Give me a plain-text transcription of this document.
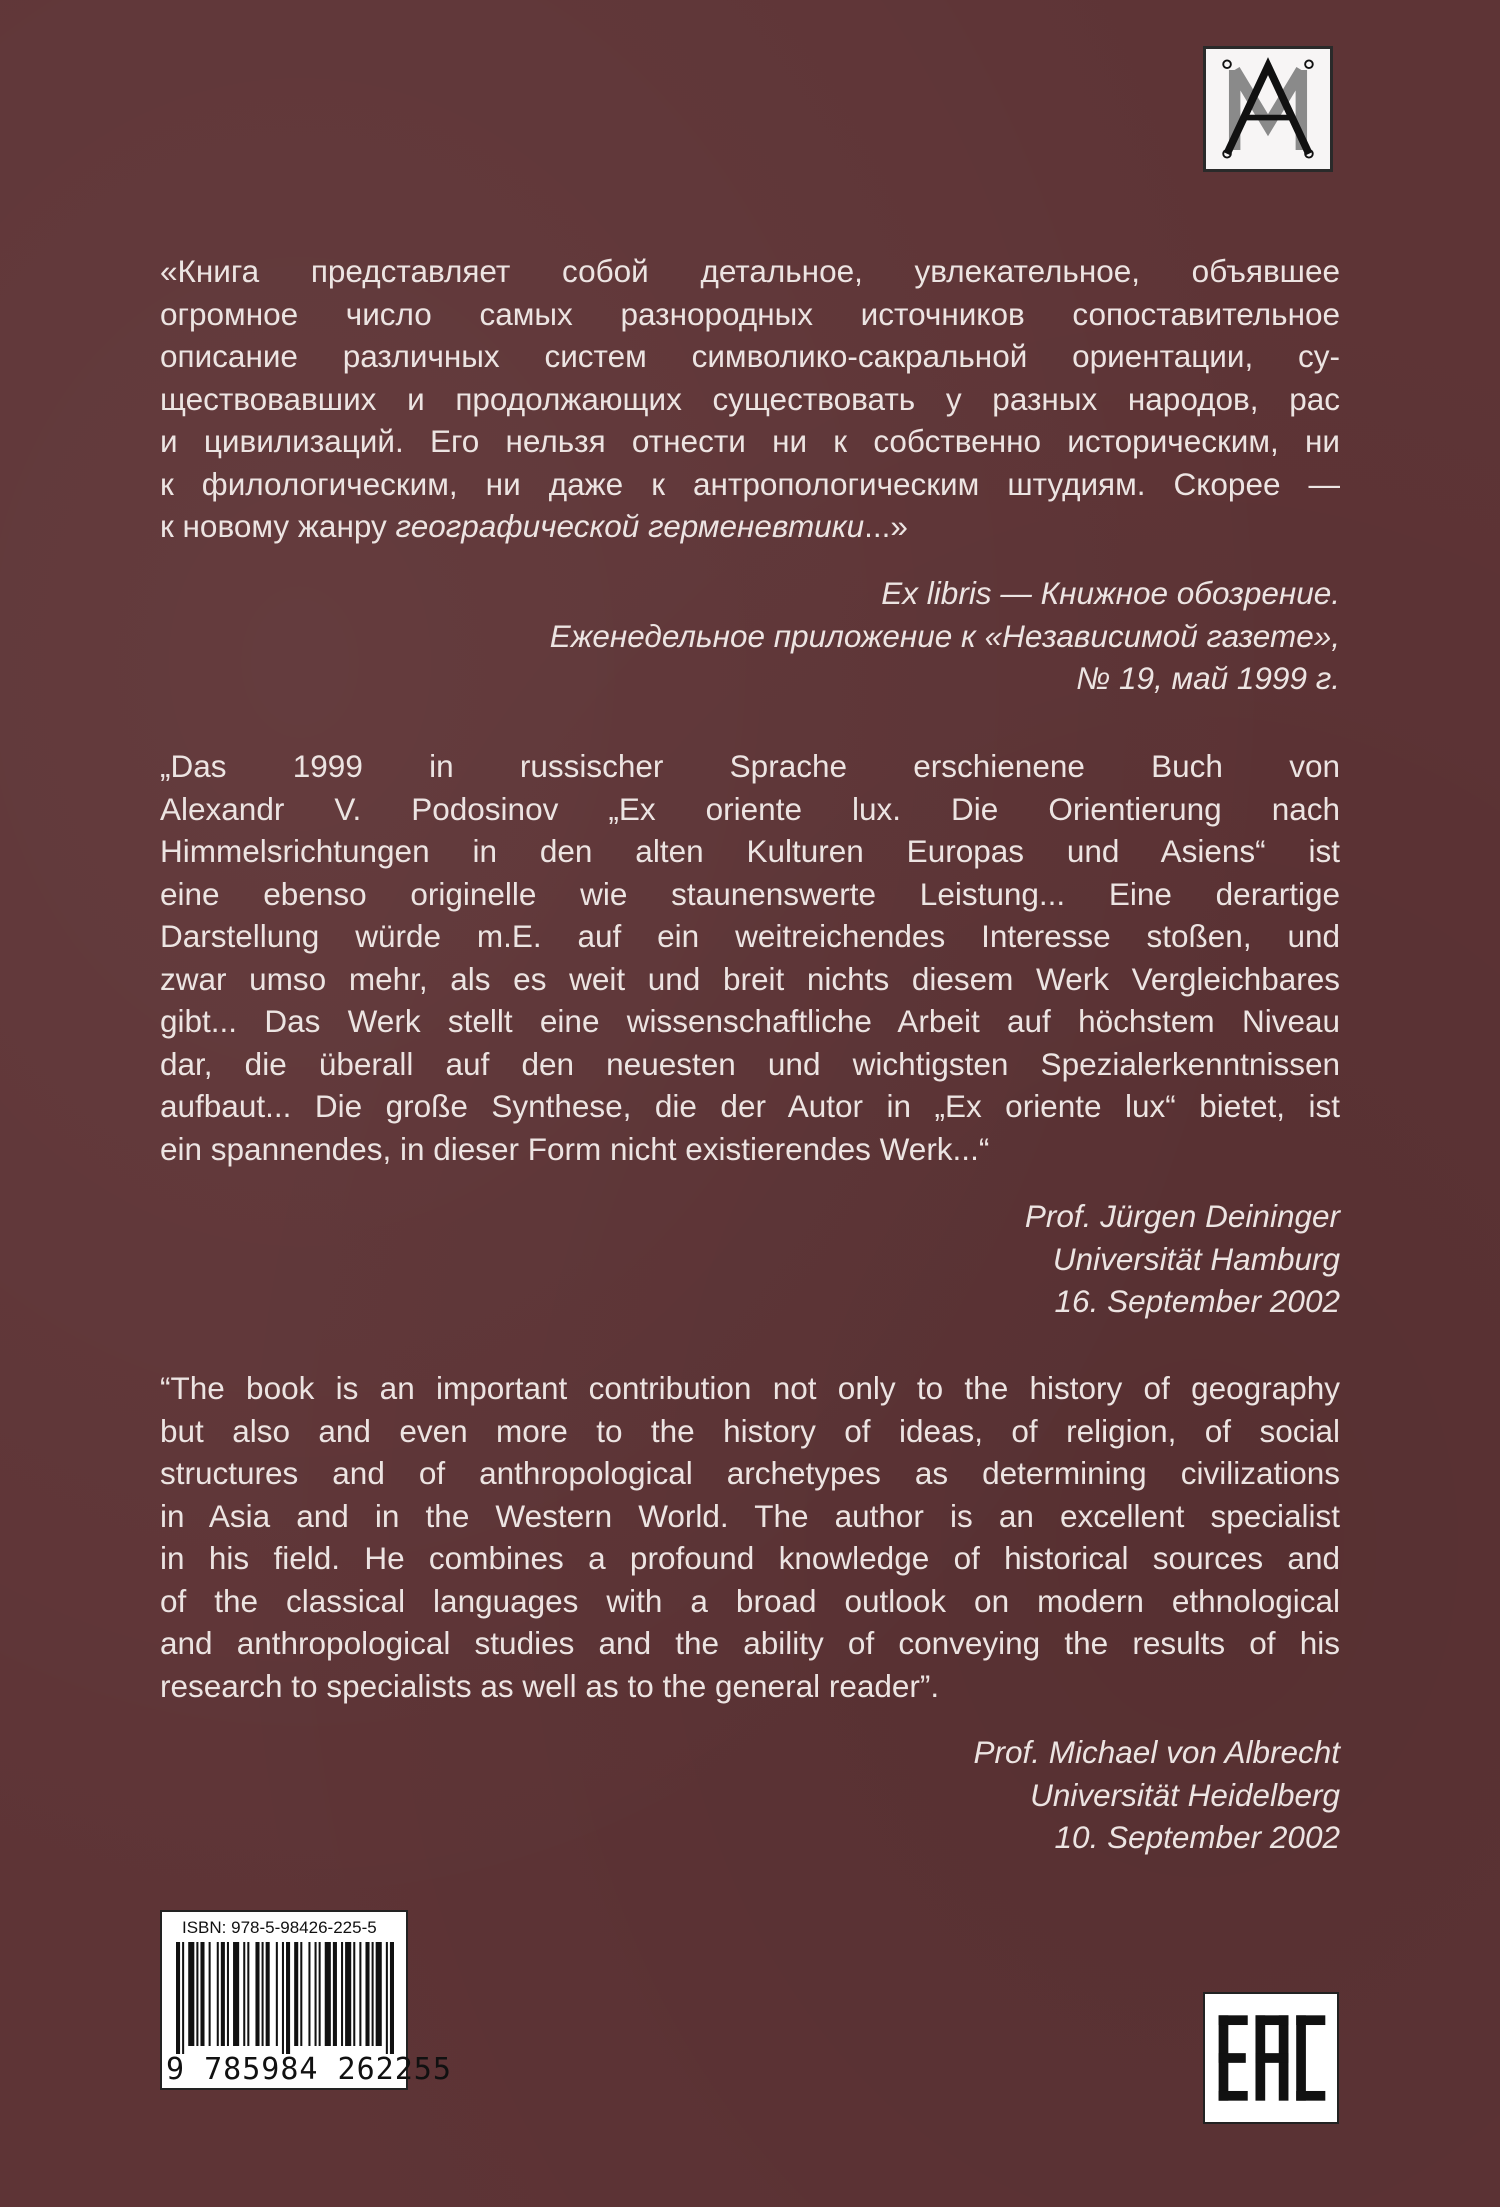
«Книга представляет собой детальное, увлекательное, объявшее
огромное число самых разнородных источников сопоставительное
описание различных систем символико-сакральной ориентации, су-
ществовавших и продолжающих существовать у разных народов, рас
и цивилизаций. Его нельзя отнести ни к собственно историческим, ни
к филологическим, ни даже к антропологическим штудиям. Скорее —
к новому жанру географической герменевтики...»
Ex libris — Книжное обозрение.
Еженедельное приложение к «Независимой газете»,
№ 19, май 1999 г.
„Das 1999 in russischer Sprache erschienene Buch von
Alexandr V. Podosinov „Ex oriente lux. Die Orientierung nach
Himmelsrichtungen in den alten Kulturen Europas und Asiens“ ist
eine ebenso originelle wie staunenswerte Leistung... Eine derartige
Darstellung würde m.E. auf ein weitreichendes Interesse stoßen, und
zwar umso mehr, als es weit und breit nichts diesem Werk Vergleichbares
gibt... Das Werk stellt eine wissenschaftliche Arbeit auf höchstem Niveau
dar, die überall auf den neuesten und wichtigsten Spezialerkenntnissen
aufbaut... Die große Synthese, die der Autor in „Ex oriente lux“ bietet, ist
ein spannendes, in dieser Form nicht existierendes Werk...“
Prof. Jürgen Deininger
Universität Hamburg
16. September 2002
“The book is an important contribution not only to the history of geography
but also and even more to the history of ideas, of religion, of social
structures and of anthropological archetypes as determining civilizations
in Asia and in the Western World. The author is an excellent specialist
in his field. He combines a profound knowledge of historical sources and
of the classical languages with a broad outlook on modern ethnological
and anthropological studies and the ability of conveying the results of his
research to specialists as well as to the general reader”.
Prof. Michael von Albrecht
Universität Heidelberg
10. September 2002
ISBN: 978-5-98426-225-5
9 785984 262255
